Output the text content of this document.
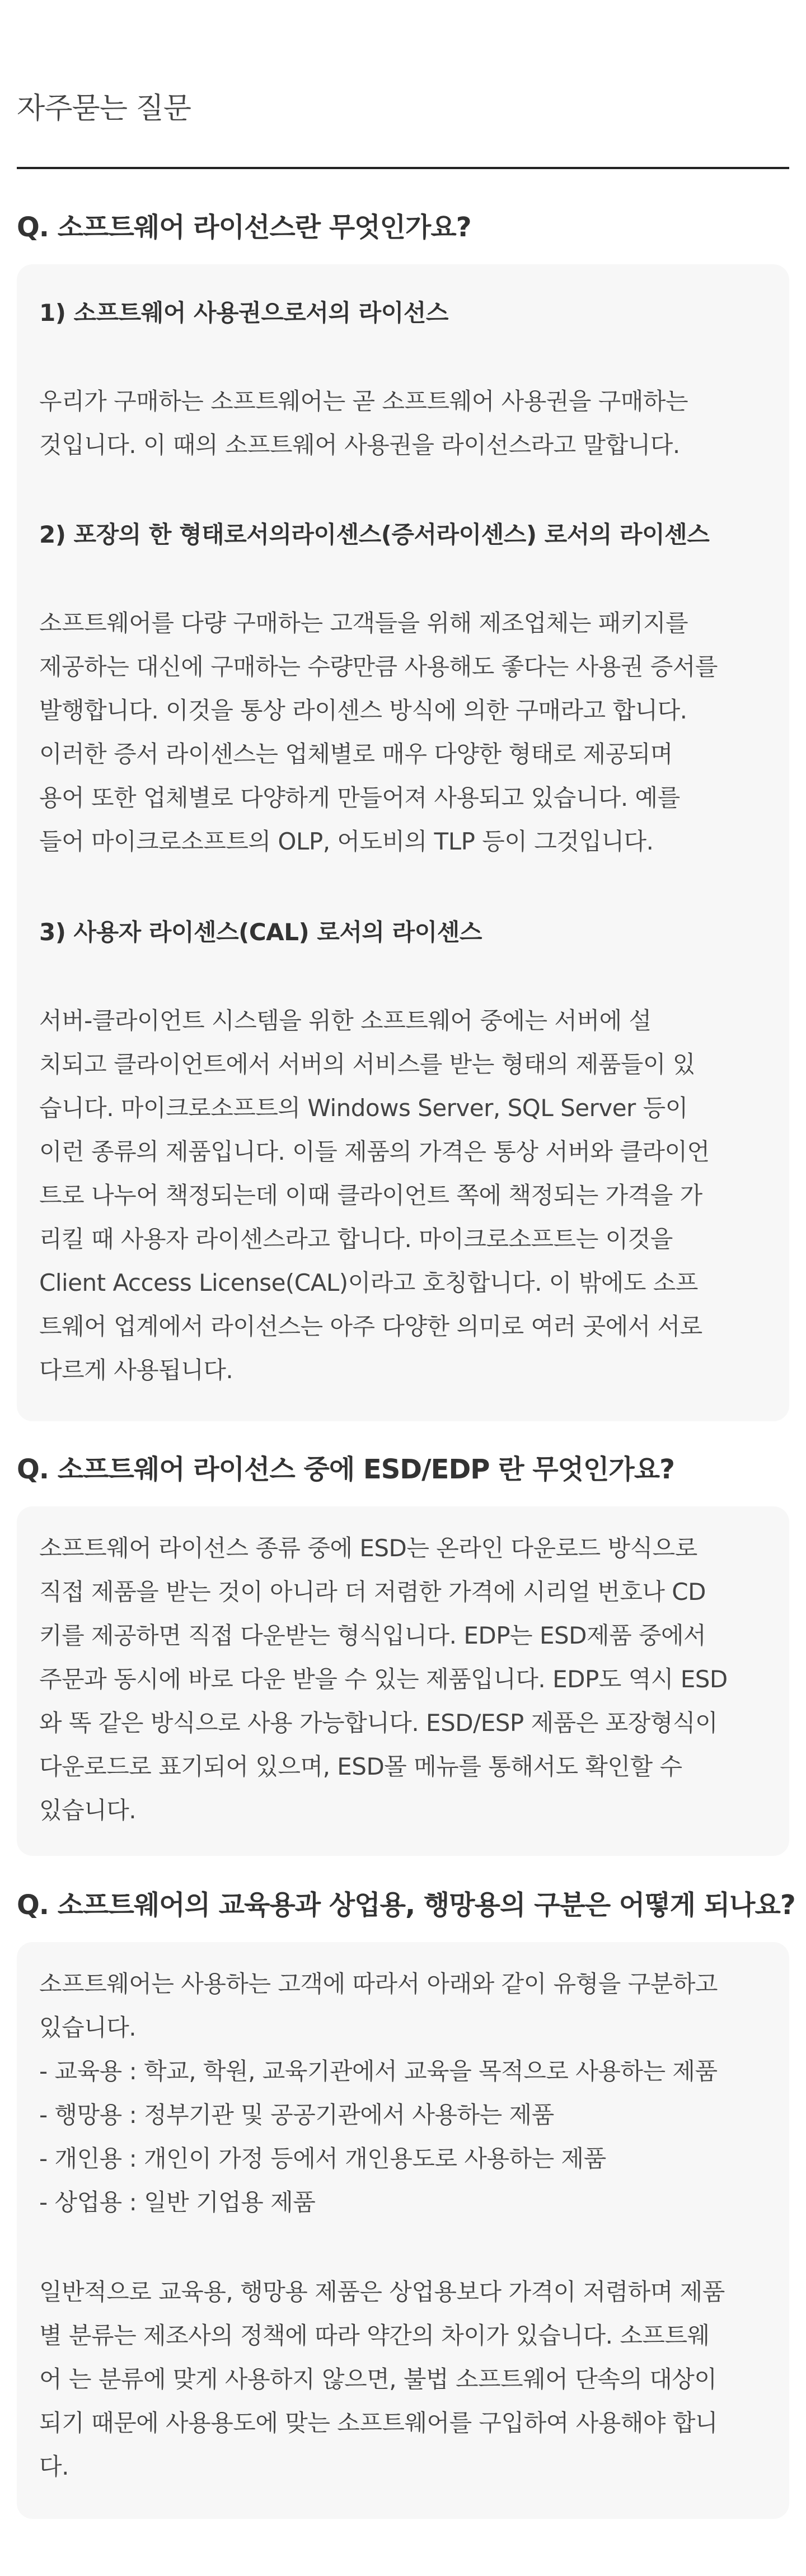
자주묻는 질문
Q. 소프트웨어 라이선스란 무엇인가요?
1) 소프트웨어 사용권으로서의 라이선스
우리가 구매하는 소프트웨어는 곧 소프트웨어 사용권을 구매하는
것입니다. 이 때의 소프트웨어 사용권을 라이선스라고 말합니다.
2) 포장의 한 형태로서의라이센스(증서라이센스) 로서의 라이센스
소프트웨어를 다량 구매하는 고객들을 위해 제조업체는 패키지를
제공하는 대신에 구매하는 수량만큼 사용해도 좋다는 사용권 증서를
발행합니다. 이것을 통상 라이센스 방식에 의한 구매라고 합니다.
이러한 증서 라이센스는 업체별로 매우 다양한 형태로 제공되며
용어 또한 업체별로 다양하게 만들어져 사용되고 있습니다. 예를
들어 마이크로소프트의 OLP, 어도비의 TLP 등이 그것입니다.
3) 사용자 라이센스(CAL) 로서의 라이센스
서버-클라이언트 시스템을 위한 소프트웨어 중에는 서버에 설
치되고 클라이언트에서 서버의 서비스를 받는 형태의 제품들이 있
습니다. 마이크로소프트의 Windows Server, SQL Server 등이
이런 종류의 제품입니다. 이들 제품의 가격은 통상 서버와 클라이언
트로 나누어 책정되는데 이때 클라이언트 쪽에 책정되는 가격을 가
리킬 때 사용자 라이센스라고 합니다. 마이크로소프트는 이것을
Client Access License(CAL)이라고 호칭합니다. 이 밖에도 소프
트웨어 업계에서 라이선스는 아주 다양한 의미로 여러 곳에서 서로
다르게 사용됩니다.
Q. 소프트웨어 라이선스 중에 ESD/EDP 란 무엇인가요?
소프트웨어 라이선스 종류 중에 ESD는 온라인 다운로드 방식으로
직접 제품을 받는 것이 아니라 더 저렴한 가격에 시리얼 번호나 CD
키를 제공하면 직접 다운받는 형식입니다. EDP는 ESD제품 중에서
주문과 동시에 바로 다운 받을 수 있는 제품입니다. EDP도 역시 ESD
와 똑 같은 방식으로 사용 가능합니다. ESD/ESP 제품은 포장형식이
다운로드로 표기되어 있으며, ESD몰 메뉴를 통해서도 확인할 수
있습니다.
Q. 소프트웨어의 교육용과 상업용, 행망용의 구분은 어떻게 되나요?
소프트웨어는 사용하는 고객에 따라서 아래와 같이 유형을 구분하고
있습니다.
- 교육용 : 학교, 학원, 교육기관에서 교육을 목적으로 사용하는 제품
- 행망용 : 정부기관 및 공공기관에서 사용하는 제품
- 개인용 : 개인이 가정 등에서 개인용도로 사용하는 제품
- 상업용 : 일반 기업용 제품
일반적으로 교육용, 행망용 제품은 상업용보다 가격이 저렴하며 제품
별 분류는 제조사의 정책에 따라 약간의 차이가 있습니다. 소프트웨
어 는 분류에 맞게 사용하지 않으면, 불법 소프트웨어 단속의 대상이
되기 때문에 사용용도에 맞는 소프트웨어를 구입하여 사용해야 합니
다.
